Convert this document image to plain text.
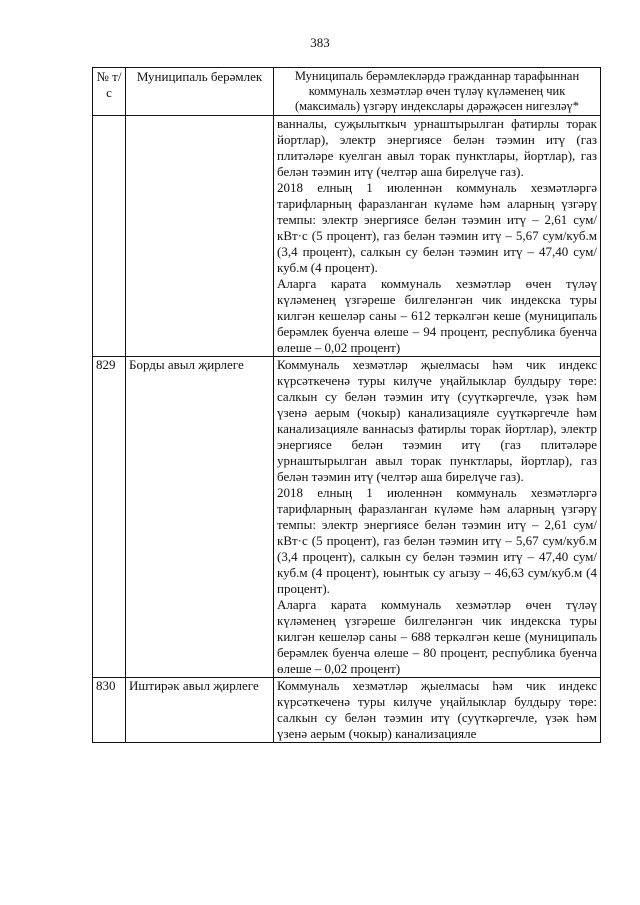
383
№ т/с	Муниципаль берәмлек	Муниципаль берәмлекләрдә гражданнар тарафыннан коммуналь хезмәтләр өчен түләү күләменең чик (максималь) үзгәрү индекслары дәрәҗәсен нигезләү*

		ванналы, суҗылыткыч урнаштырылган фатирлы торак йортлар), электр энергиясе белән тәэмин итү (газ плитәләре куелган авыл торак пунктлары, йортлар), газ белән тәэмин итү (челтәр аша бирелүче газ).

2018 елның 1 июленнән коммуналь хезмәтләргә тарифларның фаразланган күләме һәм аларның үзгәрү темпы: электр энергиясе белән тәэмин итү – 2,61 сум/кВт·с (5 процент), газ белән тәэмин итү – 5,67 сум/куб.м (3,4 процент), салкын су белән тәэмин итү – 47,40 сум/куб.м (4 процент).

Аларга карата коммуналь хезмәтләр өчен түләү күләменең үзгәреше билгеләнгән чик индекска туры килгән кешеләр саны – 612 теркәлгән кеше (муниципаль берәмлек буенча өлеше – 94 процент, республика буенча өлеше – 0,02 процент)

829	Борды авыл җирлеге	Коммуналь хезмәтләр җыелмасы һәм чик индекс күрсәткеченә туры килүче уңайлыклар булдыру төре: салкын су белән тәэмин итү (суүткәргечле, үзәк һәм үзенә аерым (чокыр) канализацияле суүткәргечле һәм канализацияле ваннасыз фатирлы торак йортлар), электр энергиясе белән тәэмин итү (газ плитәләре урнаштырылган авыл торак пунктлары, йортлар), газ белән тәэмин итү (челтәр аша бирелүче газ).

2018 елның 1 июленнән коммуналь хезмәтләргә тарифларның фаразланган күләме һәм аларның үзгәрү темпы: электр энергиясе белән тәэмин итү – 2,61 сум/кВт·с (5 процент), газ белән тәэмин итү – 5,67 сум/куб.м (3,4 процент), салкын су белән тәэмин итү – 47,40 сум/куб.м (4 процент), юынтык су агызу – 46,63 сум/куб.м (4 процент).

Аларга карата коммуналь хезмәтләр өчен түләү күләменең үзгәреше билгеләнгән чик индекска туры килгән кешеләр саны – 688 теркәлгән кеше (муниципаль берәмлек буенча өлеше – 80 процент, республика буенча өлеше – 0,02 процент)

830	Иштирәк авыл җирлеге	Коммуналь хезмәтләр җыелмасы һәм чик индекс күрсәткеченә туры килүче уңайлыклар булдыру төре: салкын су белән тәэмин итү (суүткәргечле, үзәк һәм үзенә аерым (чокыр) канализацияле
